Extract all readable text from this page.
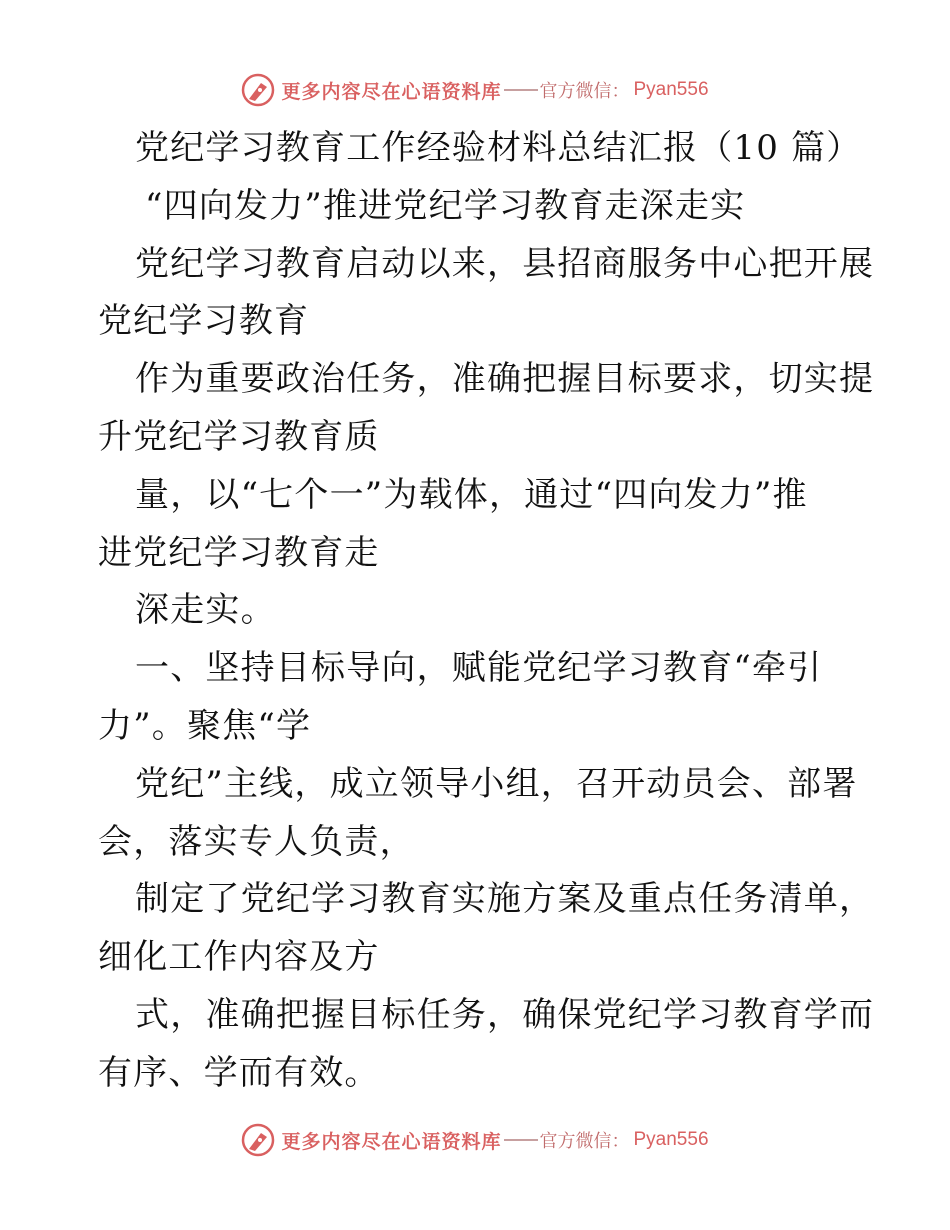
更多内容尽在心语资料库 官方微信： Pyan556

党纪学习教育工作经验材料总结汇报（10 篇）

“四向发力”推进党纪学习教育走深走实

党纪学习教育启动以来，县招商服务中心把开展

党纪学习教育

作为重要政治任务，准确把握目标要求，切实提

升党纪学习教育质

量，以“七个一”为载体，通过“四向发力”推

进党纪学习教育走

深走实。

一、坚持目标导向，赋能党纪学习教育“牵引

力”。聚焦“学

党纪”主线，成立领导小组，召开动员会、部署

会，落实专人负责，

制定了党纪学习教育实施方案及重点任务清单，

细化工作内容及方

式，准确把握目标任务，确保党纪学习教育学而

有序、学而有效。

更多内容尽在心语资料库 官方微信： Pyan556
